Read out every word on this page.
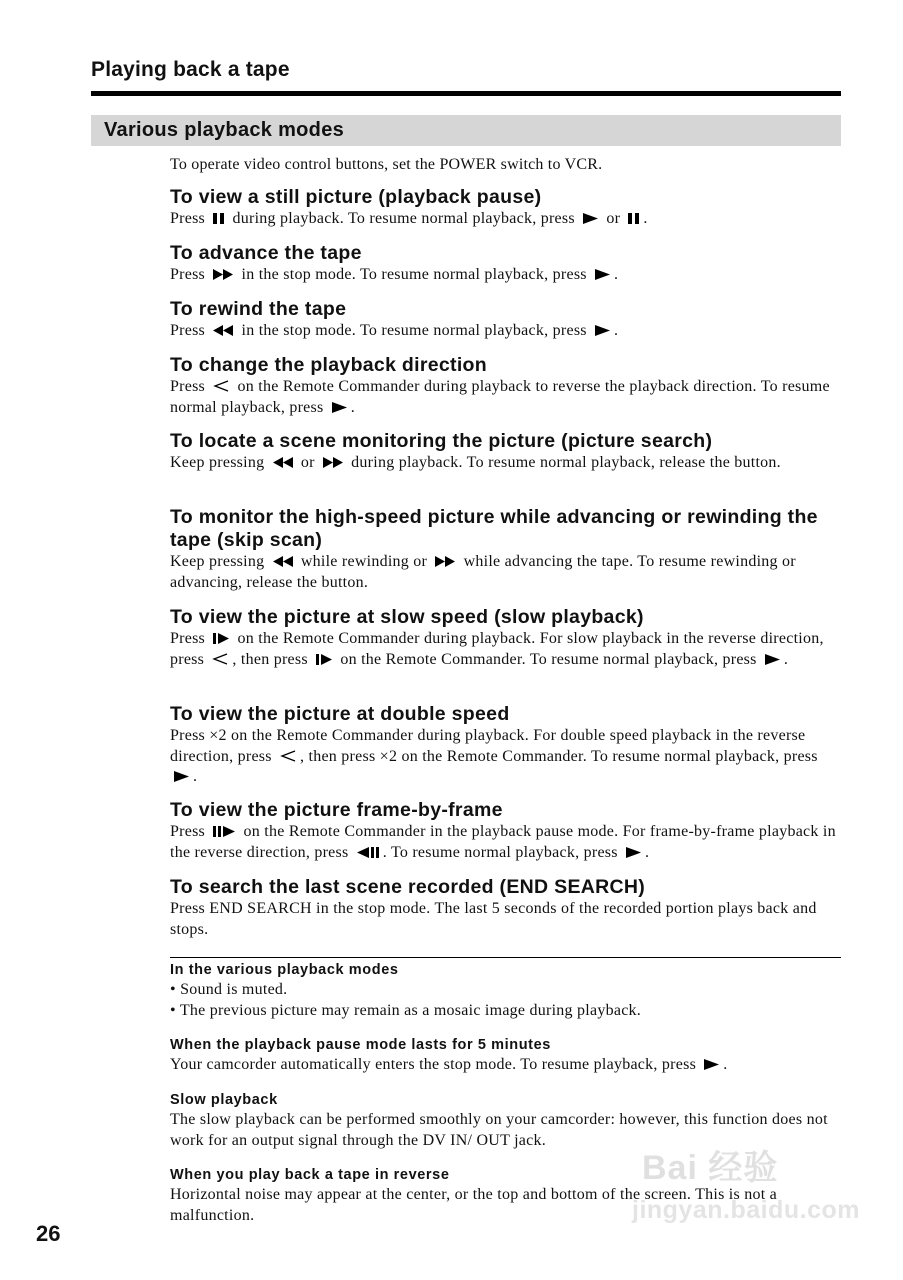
Playing back a tape
Various playback modes
To operate video control buttons, set the POWER switch to VCR.
To view a still picture (playback pause)

Press
during playback. To resume normal playback, press
or
.

To advance the tape

Press
in the stop mode. To resume normal playback, press
.

To rewind the tape

Press
in the stop mode. To resume normal playback, press
.

To change the playback direction

Press
on the Remote Commander during playback to reverse the playback direction. To resume normal playback, press
.

To locate a scene monitoring the picture (picture search)

Keep pressing
or
during playback. To resume normal playback, release the button.

To monitor the high-speed picture while advancing or rewinding the tape (skip scan)

Keep pressing
while rewinding or
while advancing the tape. To resume rewinding or advancing, release the button.

To view the picture at slow speed (slow playback)

Press
on the Remote Commander during playback. For slow playback in the reverse direction, press
, then press
on the Remote Commander. To resume normal playback, press
.

To view the picture at double speed

Press ×2 on the Remote Commander during playback. For double speed playback in the reverse direction, press
, then press ×2 on the Remote Commander. To resume normal playback, press
.

To view the picture frame-by-frame

Press
on the Remote Commander in the playback pause mode. For frame-by-frame playback in the reverse direction, press
. To resume normal playback, press
.

To search the last scene recorded (END SEARCH)

Press END SEARCH in the stop mode. The last 5 seconds of the recorded portion plays back and stops.

In the various playback modes

• Sound is muted.

• The previous picture may remain as a mosaic image during playback.

When the playback pause mode lasts for 5 minutes

Your camcorder automatically enters the stop mode. To resume playback, press
.

Slow playback

The slow playback can be performed smoothly on your camcorder: however, this function does not work for an output signal through the DV IN/ OUT jack.

When you play back a tape in reverse

Horizontal noise may appear at the center, or the top and bottom of the screen. This is not a malfunction.

26
Bai 经验
jingyan.baidu.com
